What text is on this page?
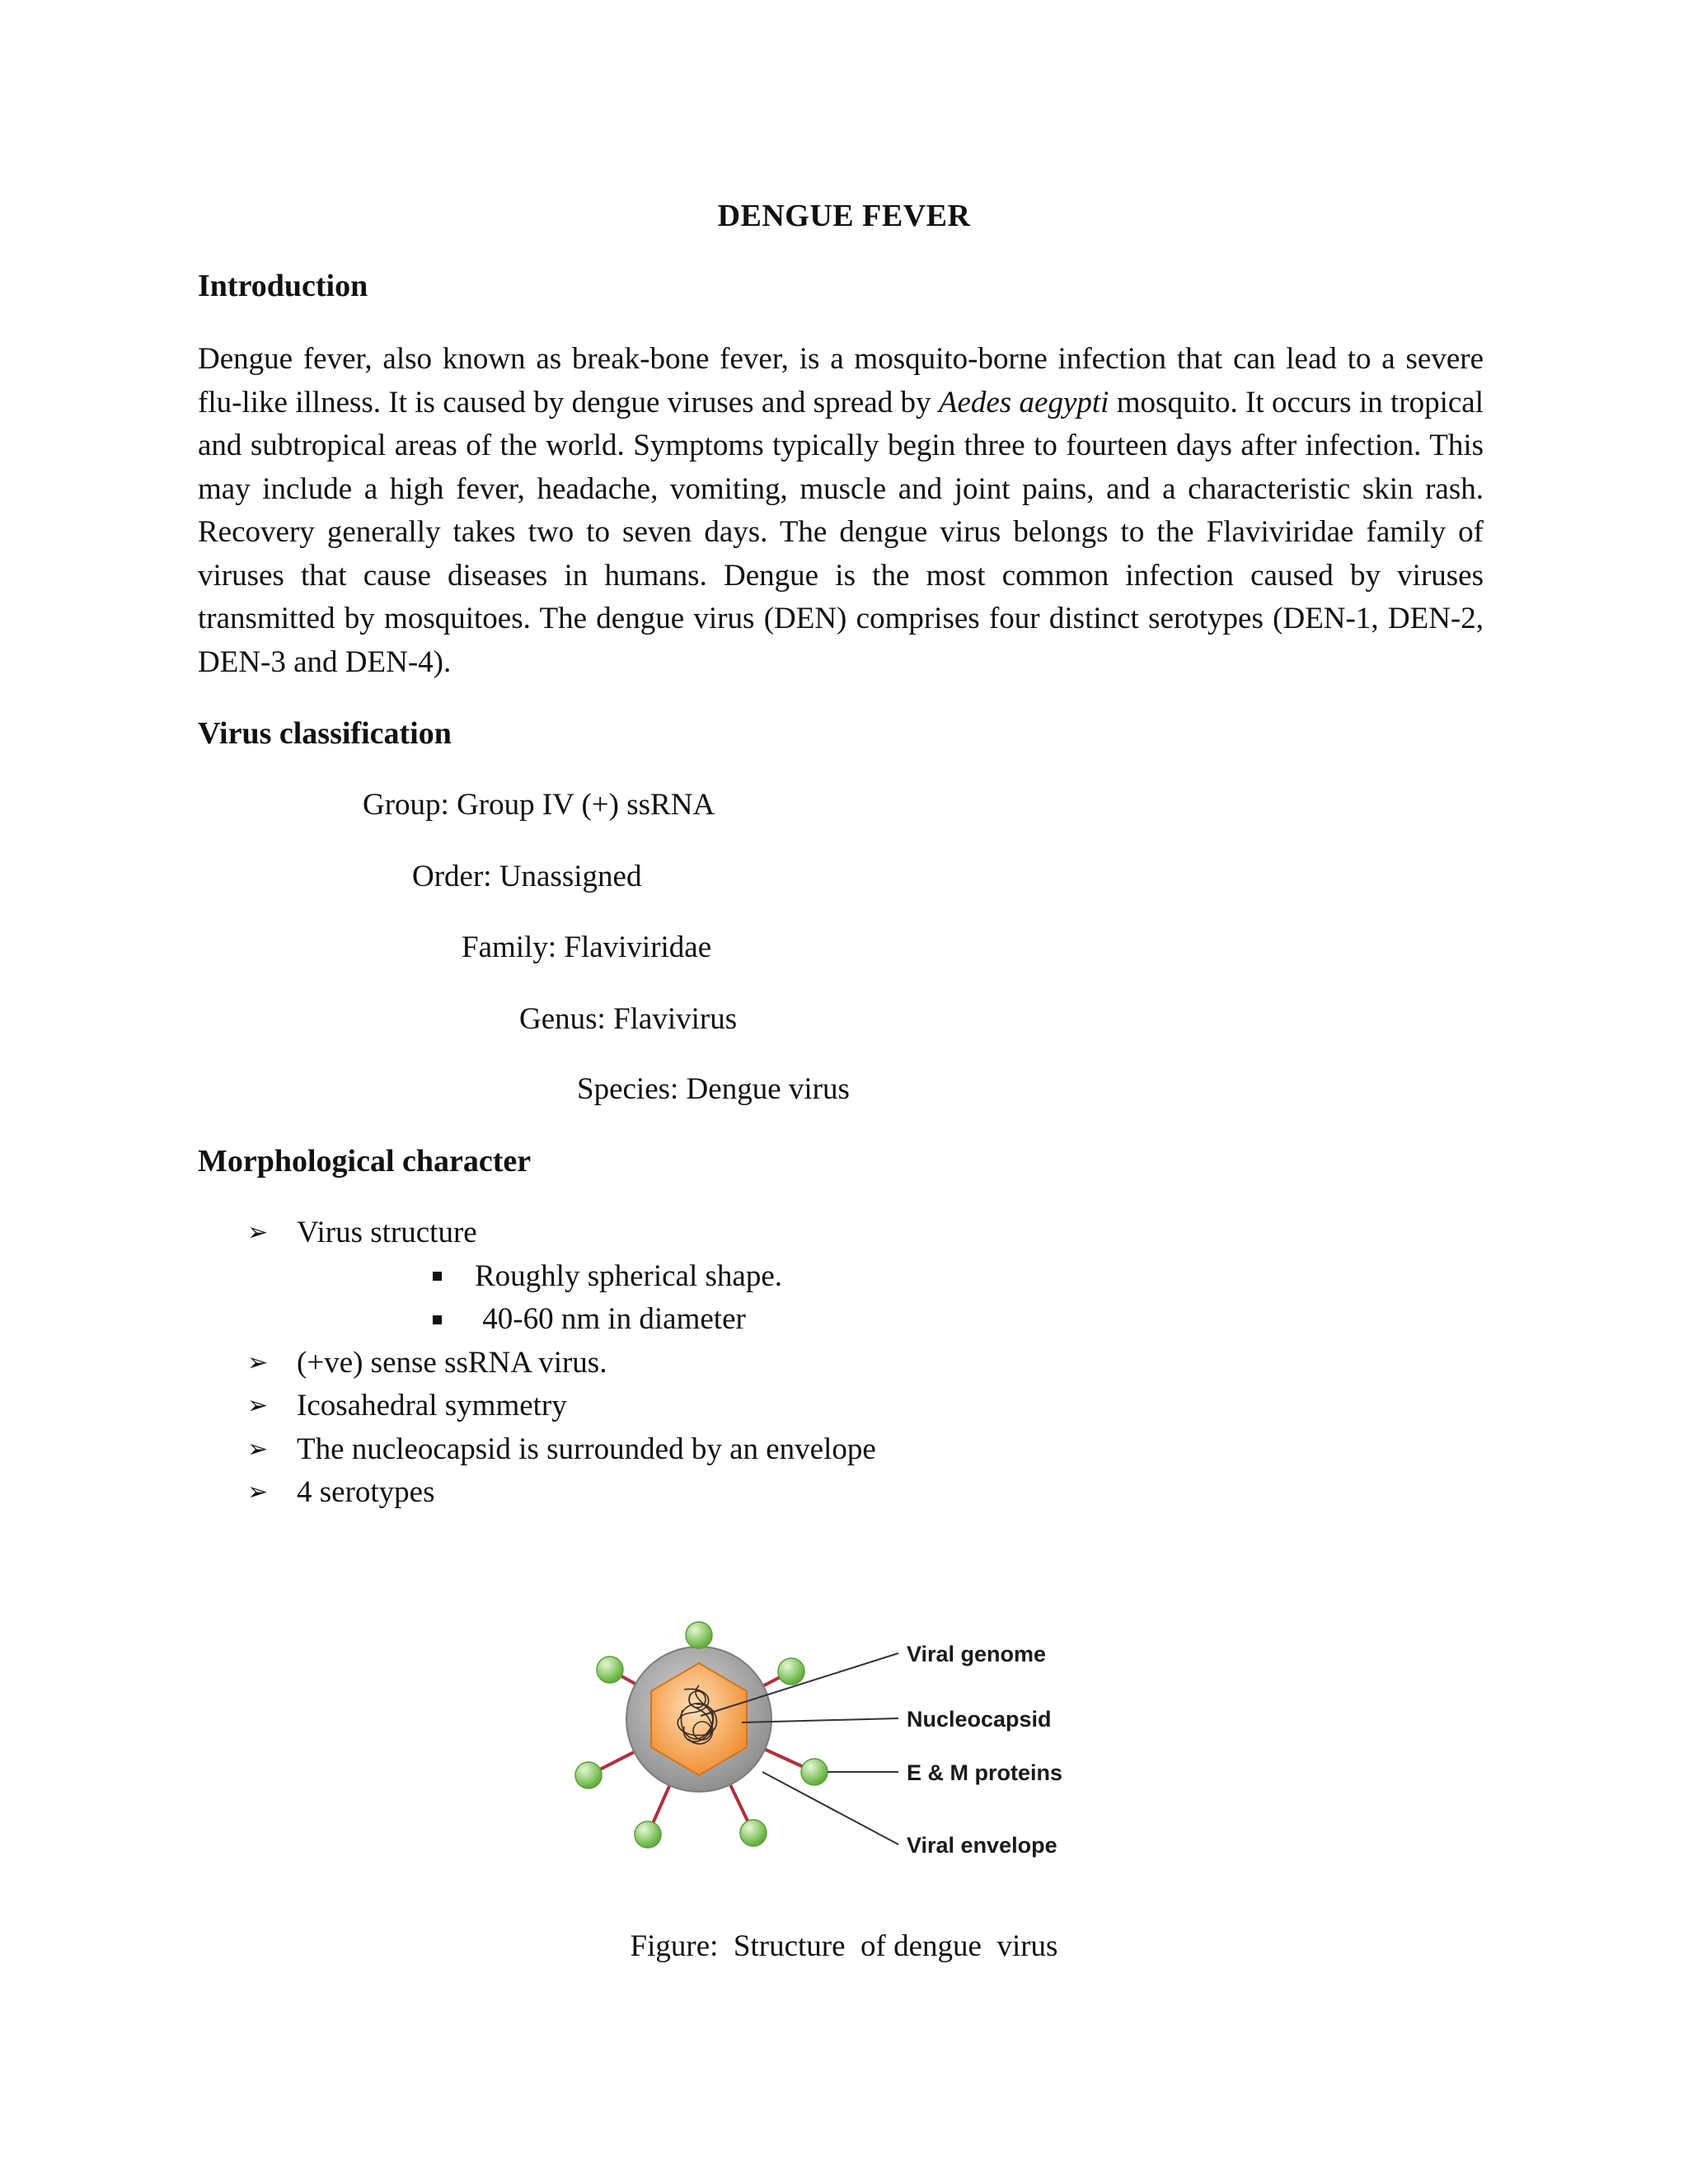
DENGUE FEVER
Introduction

Dengue fever, also known as break-bone fever, is a mosquito-borne infection that can lead to a severe flu-like illness. It is caused by dengue viruses and spread by Aedes aegypti mosquito. It occurs in tropical and subtropical areas of the world. Symptoms typically begin three to fourteen days after infection. This may include a high fever, headache, vomiting, muscle and joint pains, and a characteristic skin rash. Recovery generally takes two to seven days. The dengue virus belongs to the Flaviviridae family of viruses that cause diseases in humans. Dengue is the most common infection caused by viruses transmitted by mosquitoes. The dengue virus (DEN) comprises four distinct serotypes (DEN-1, DEN-2, DEN-3 and DEN-4).

Virus classification
Group: Group IV (+) ssRNA
Order: Unassigned
Family: Flaviviridae
Genus: Flavivirus
Species: Dengue virus
Morphological character
➢ Virus structure
Roughly spherical shape.
40-60 nm in diameter
➢ (+ve) sense ssRNA virus.
➢ Icosahedral symmetry
➢ The nucleocapsid is surrounded by an envelope
➢ 4 serotypes
Viral genome
Nucleocapsid
E & M proteins
Viral envelope
Figure:  Structure  of dengue  virus
